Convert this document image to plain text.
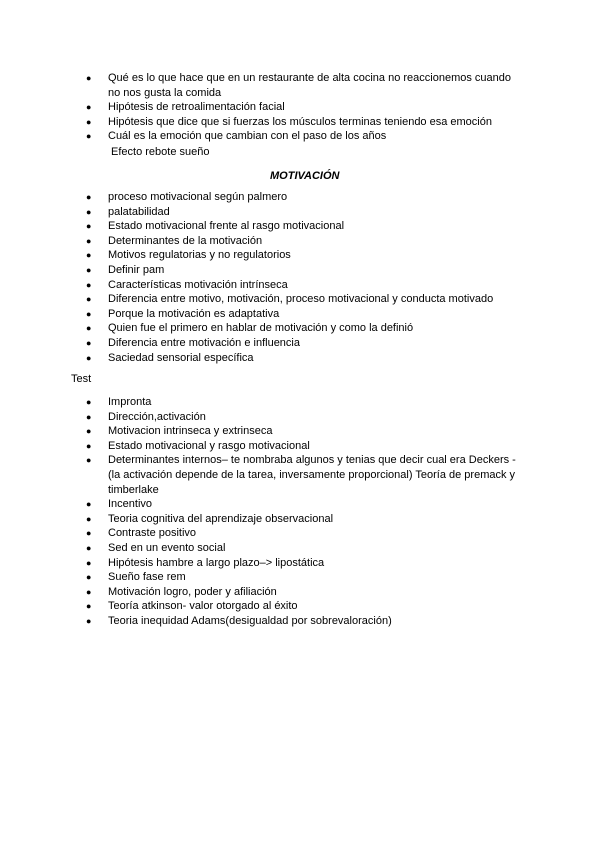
●	Qué es lo que hace que en un restaurante de alta cocina no reaccionemos cuando no nos gusta la comida
●	Hipótesis de retroalimentación facial
●	Hipótesis que dice que si fuerzas los músculos terminas teniendo esa emoción
●	Cuál es la emoción que cambian con el paso de los años
Efecto rebote sueño
MOTIVACIÓN
●	proceso motivacional según palmero
●	palatabilidad
●	Estado motivacional frente al rasgo motivacional
●	Determinantes de la motivación
●	Motivos regulatorias y no regulatorios
●	Definir pam
●	Características motivación intrínseca
●	Diferencia entre motivo, motivación, proceso motivacional y conducta motivado
●	Porque la motivación es adaptativa
●	Quien fue el primero en hablar de motivación y como la definió
●	Diferencia entre motivación e influencia
●	Saciedad sensorial específica
Test
●	Impronta
●	Dirección,activación
●	Motivacion intrinseca y extrinseca
●	Estado motivacional y rasgo motivacional
●	Determinantes internos– te nombraba algunos y tenias que decir cual era Deckers - (la activación depende de la tarea, inversamente proporcional) Teoría de premack y timberlake
●	Incentivo
●	Teoria cognitiva del aprendizaje observacional
●	Contraste positivo
●	Sed en un evento social
●	Hipótesis hambre a largo plazo–> lipostática
●	Sueño fase rem
●	Motivación logro, poder y afiliación
●	Teoría atkinson- valor otorgado al éxito
●	Teoria inequidad Adams(desigualdad por sobrevaloración)
